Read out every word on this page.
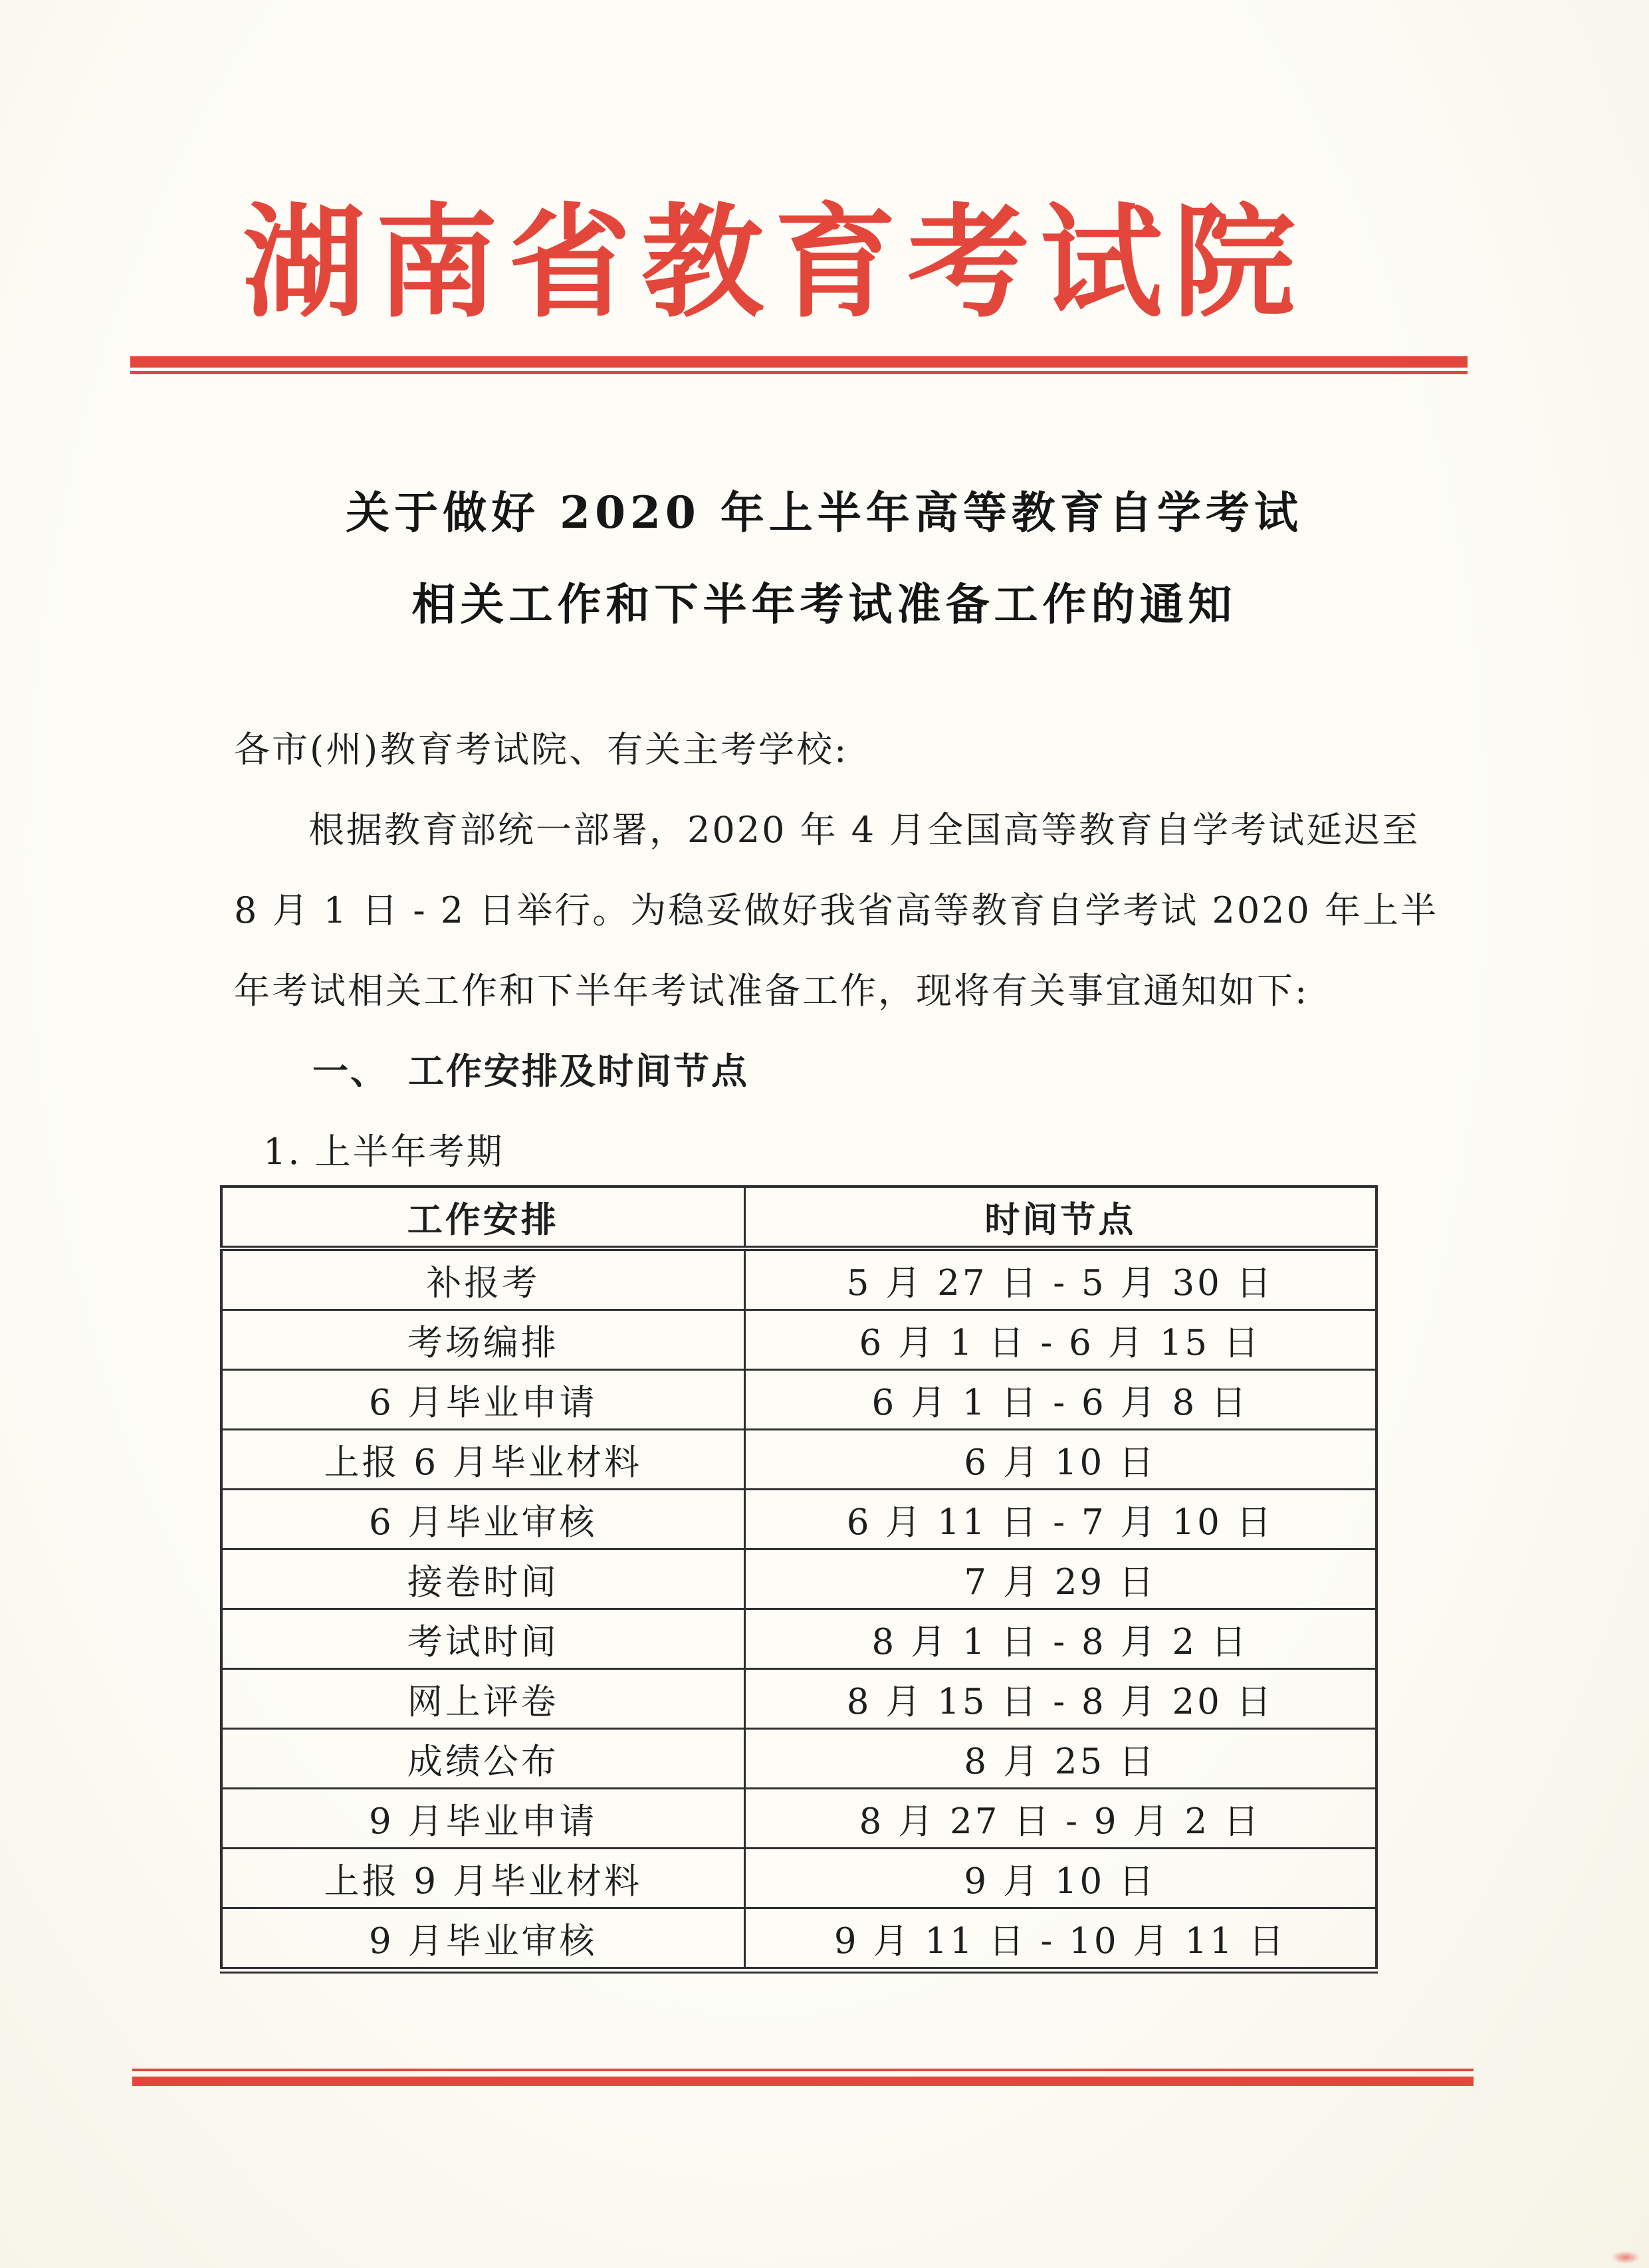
湖南省教育考试院
关于做好 2020 年上半年高等教育自学考试
相关工作和下半年考试准备工作的通知
各市(州)教育考试院、有关主考学校:
根据教育部统一部署，2020 年 4 月全国高等教育自学考试延迟至
8 月 1 日 - 2 日举行。为稳妥做好我省高等教育自学考试 2020 年上半
年考试相关工作和下半年考试准备工作，现将有关事宜通知如下:
一、　工作安排及时间节点
1. 上半年考期
工作安排	时间节点
补报考	5 月 27 日 - 5 月 30 日
考场编排	6 月 1 日 - 6 月 15 日
6 月毕业申请	6 月 1 日 - 6 月 8 日
上报 6 月毕业材料	6 月 10 日
6 月毕业审核	6 月 11 日 - 7 月 10 日
接卷时间	7 月 29 日
考试时间	8 月 1 日 - 8 月 2 日
网上评卷	8 月 15 日 - 8 月 20 日
成绩公布	8 月 25 日
9 月毕业申请	8 月 27 日 - 9 月 2 日
上报 9 月毕业材料	9 月 10 日
9 月毕业审核	9 月 11 日 - 10 月 11 日
